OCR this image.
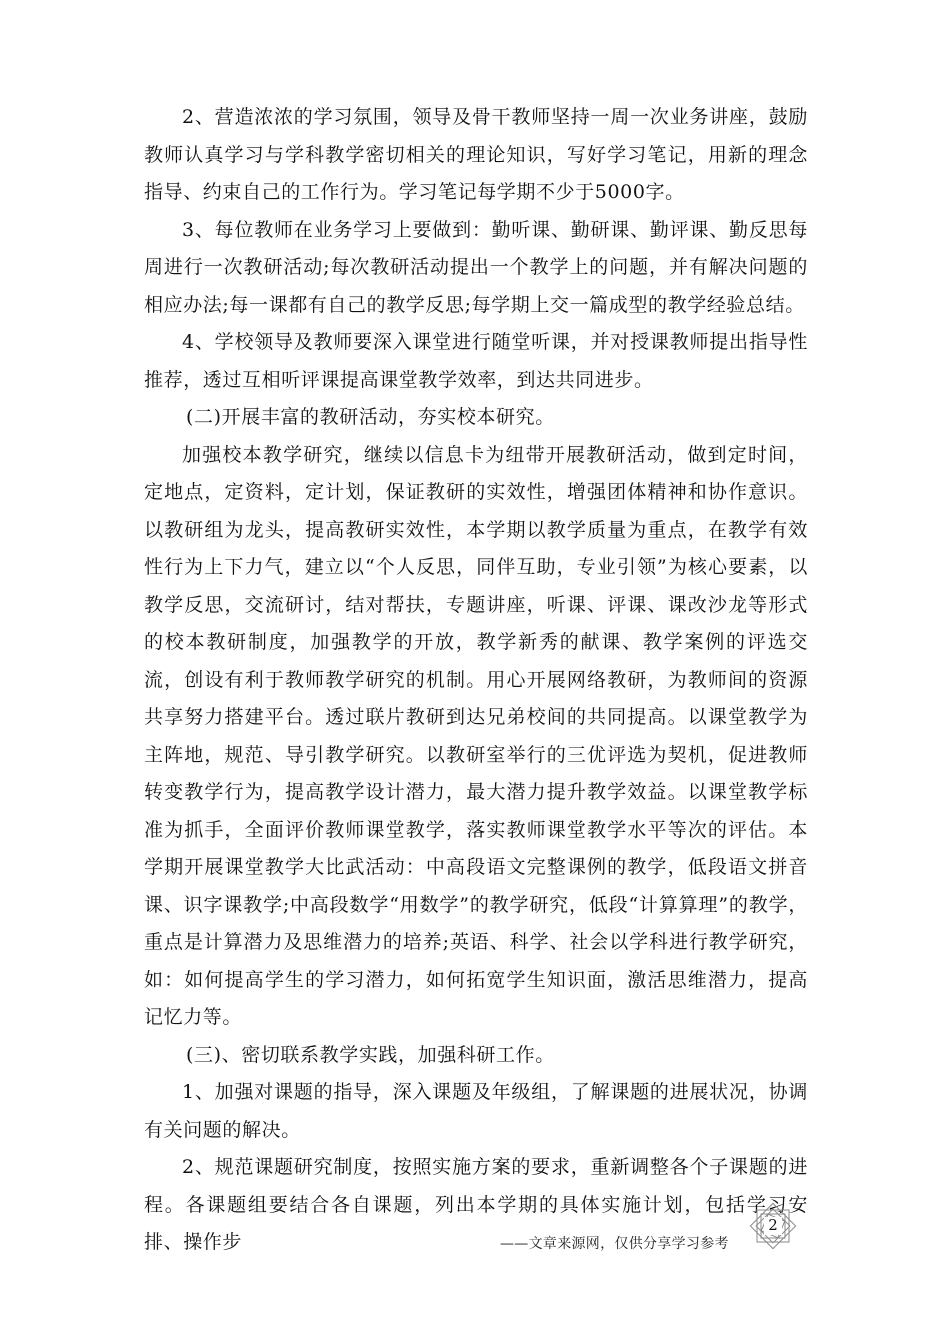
2、营造浓浓的学习氛围，领导及骨干教师坚持一周一次业务讲座，鼓励教师认真学习与学科教学密切相关的理论知识，写好学习笔记，用新的理念指导、约束自己的工作行为。学习笔记每学期不少于5000字。

3、每位教师在业务学习上要做到：勤听课、勤研课、勤评课、勤反思每周进行一次教研活动;每次教研活动提出一个教学上的问题，并有解决问题的相应办法;每一课都有自己的教学反思;每学期上交一篇成型的教学经验总结。

4、学校领导及教师要深入课堂进行随堂听课，并对授课教师提出指导性推荐，透过互相听评课提高课堂教学效率，到达共同进步。

(二)开展丰富的教研活动，夯实校本研究。

加强校本教学研究，继续以信息卡为纽带开展教研活动，做到定时间，定地点，定资料，定计划，保证教研的实效性，增强团体精神和协作意识。以教研组为龙头，提高教研实效性，本学期以教学质量为重点，在教学有效性行为上下力气，建立以“个人反思，同伴互助，专业引领”为核心要素，以教学反思，交流研讨，结对帮扶，专题讲座，听课、评课、课改沙龙等形式的校本教研制度，加强教学的开放，教学新秀的献课、教学案例的评选交流，创设有利于教师教学研究的机制。用心开展网络教研，为教师间的资源共享努力搭建平台。透过联片教研到达兄弟校间的共同提高。以课堂教学为主阵地，规范、导引教学研究。以教研室举行的三优评选为契机，促进教师转变教学行为，提高教学设计潜力，最大潜力提升教学效益。以课堂教学标准为抓手，全面评价教师课堂教学，落实教师课堂教学水平等次的评估。本学期开展课堂教学大比武活动：中高段语文完整课例的教学，低段语文拼音课、识字课教学;中高段数学“用数学”的教学研究，低段“计算算理”的教学，重点是计算潜力及思维潜力的培养;英语、科学、社会以学科进行教学研究，如：如何提高学生的学习潜力，如何拓宽学生知识面，激活思维潜力，提高记忆力等。

(三)、密切联系教学实践，加强科研工作。

1、加强对课题的指导，深入课题及年级组，了解课题的进展状况，协调有关问题的解决。

2、规范课题研究制度，按照实施方案的要求，重新调整各个子课题的进程。各课题组要结合各自课题，列出本学期的具体实施计划，包括学习安排、操作步	——文章来源网，仅供分享学习参考
2
